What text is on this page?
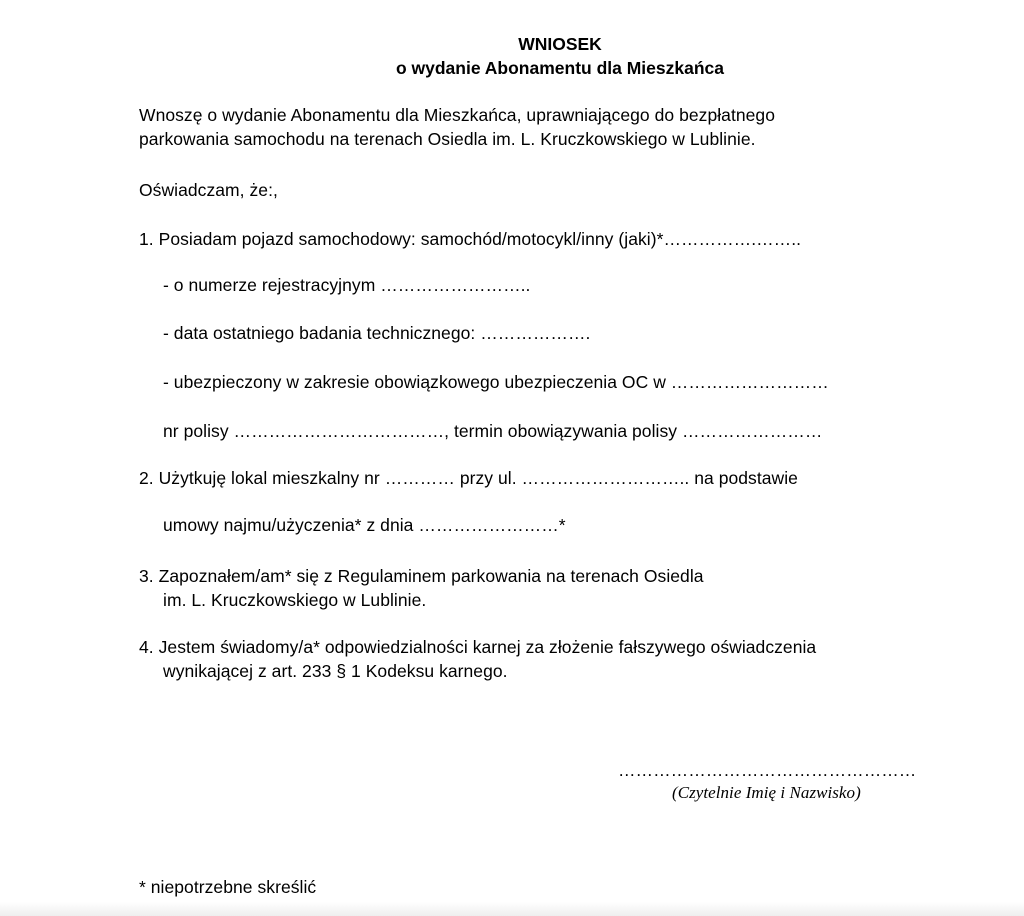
WNIOSEK
o wydanie Abonamentu dla Mieszkańca
Wnoszę o wydanie Abonamentu dla Mieszkańca, uprawniającego do bezpłatnego
parkowania samochodu na terenach Osiedla im. L. Kruczkowskiego w Lublinie.
Oświadczam, że:,
1. Posiadam pojazd samochodowy: samochód/motocykl/inny (jaki)*…………….……..
- o numerze rejestracyjnym ……………………..
- data ostatniego badania technicznego: ……………….
- ubezpieczony w zakresie obowiązkowego ubezpieczenia OC w ………………………
nr polisy ………………………………, termin obowiązywania polisy ……………………
2. Użytkuję lokal mieszkalny nr ………… przy ul. ……………………….. na podstawie
umowy najmu/użyczenia* z dnia ……………………*
3. Zapoznałem/am* się z Regulaminem parkowania na terenach Osiedla
im. L. Kruczkowskiego w Lublinie.
4. Jestem świadomy/a* odpowiedzialności karnej za złożenie fałszywego oświadczenia
wynikającej z art. 233 § 1 Kodeksu karnego.
……………………………………………
(Czytelnie Imię i Nazwisko)
* niepotrzebne skreślić
